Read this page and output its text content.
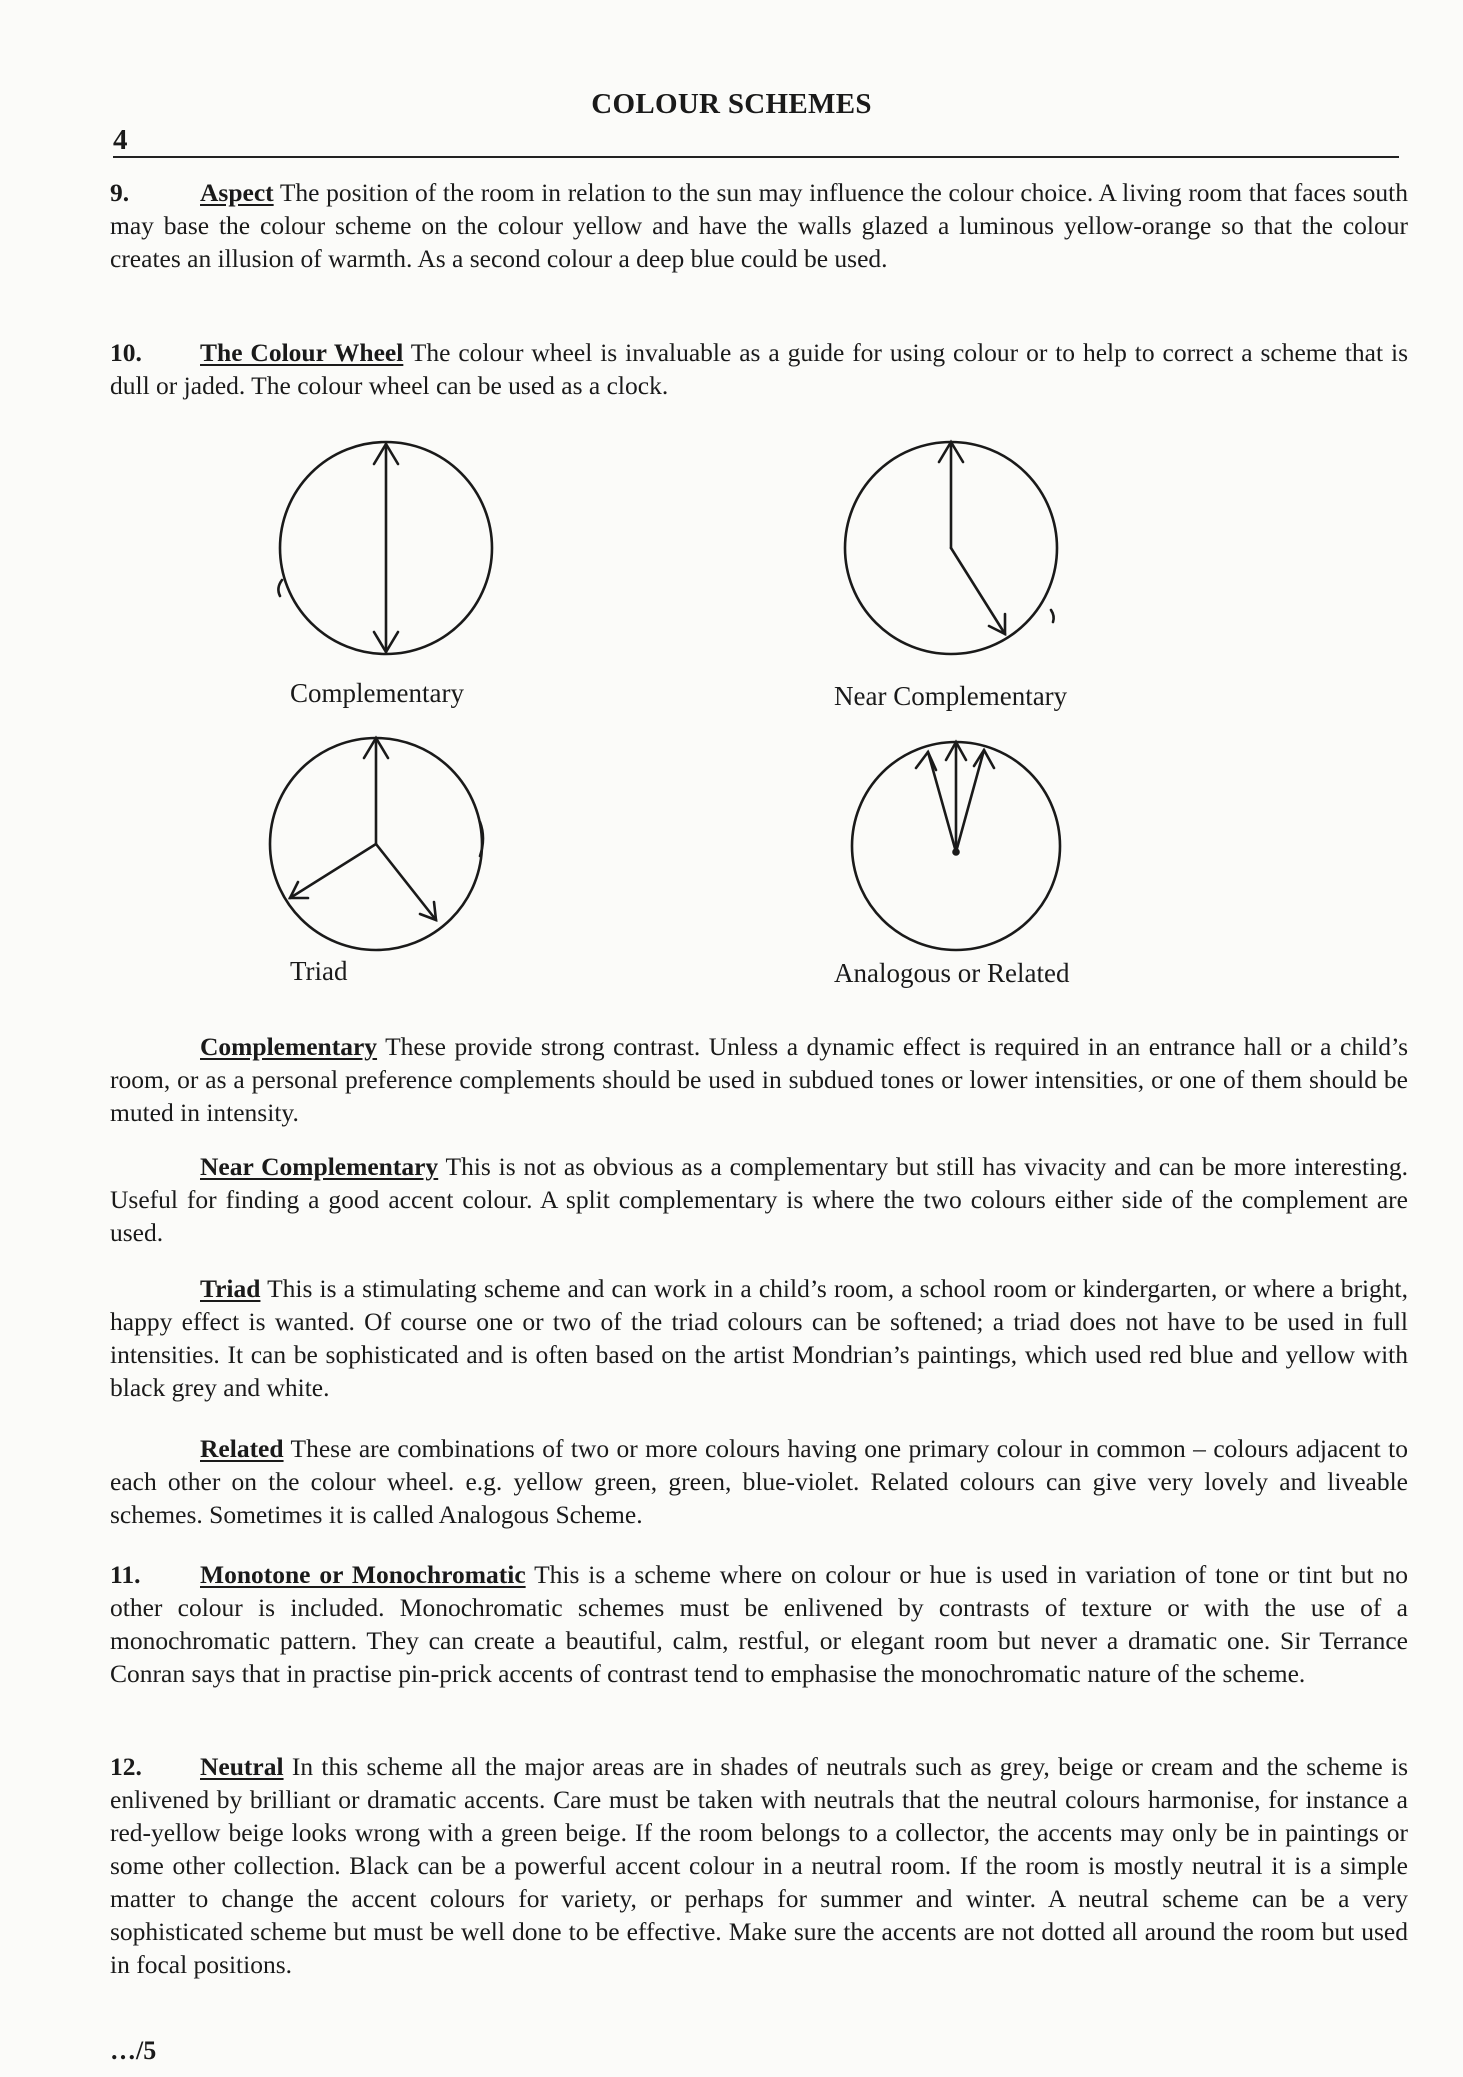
COLOUR SCHEMES
4
9.	Aspect The position of the room in relation to the sun may influence the colour choice. A living room that faces south may base the colour scheme on the colour yellow and have the walls glazed a luminous yellow-orange so that the colour creates an illusion of warmth. As a second colour a deep blue could be used.
10. The Colour Wheel The colour wheel is invaluable as a guide for using colour or to help to correct a scheme that is dull or jaded. The colour wheel can be used as a clock.
Complementary	Near Complementary
Triad	Analogous or Related
Complementary These provide strong contrast. Unless a dynamic effect is required in an entrance hall or a child’s room, or as a personal preference complements should be used in subdued tones or lower intensities, or one of them should be muted in intensity.
Near Complementary This is not as obvious as a complementary but still has vivacity and can be more interesting. Useful for finding a good accent colour. A split complementary is where the two colours either side of the complement are used.
Triad This is a stimulating scheme and can work in a child’s room, a school room or kindergarten, or where a bright, happy effect is wanted. Of course one or two of the triad colours can be softened; a triad does not have to be used in full intensities. It can be sophisticated and is often based on the artist Mondrian’s paintings, which used red blue and yellow with black grey and white.
Related These are combinations of two or more colours having one primary colour in common – colours adjacent to each other on the colour wheel. e.g. yellow green, green, blue-violet. Related colours can give very lovely and liveable schemes. Sometimes it is called Analogous Scheme.
11. Monotone or Monochromatic This is a scheme where on colour or hue is used in variation of tone or tint but no other colour is included. Monochromatic schemes must be enlivened by contrasts of texture or with the use of a monochromatic pattern. They can create a beautiful, calm, restful, or elegant room but never a dramatic one. Sir Terrance Conran says that in practise pin-prick accents of contrast tend to emphasise the monochromatic nature of the scheme.
12. Neutral In this scheme all the major areas are in shades of neutrals such as grey, beige or cream and the scheme is enlivened by brilliant or dramatic accents. Care must be taken with neutrals that the neutral colours harmonise, for instance a red-yellow beige looks wrong with a green beige. If the room belongs to a collector, the accents may only be in paintings or some other collection. Black can be a powerful accent colour in a neutral room. If the room is mostly neutral it is a simple matter to change the accent colours for variety, or perhaps for summer and winter. A neutral scheme can be a very sophisticated scheme but must be well done to be effective. Make sure the accents are not dotted all around the room but used in focal positions.
…/5
